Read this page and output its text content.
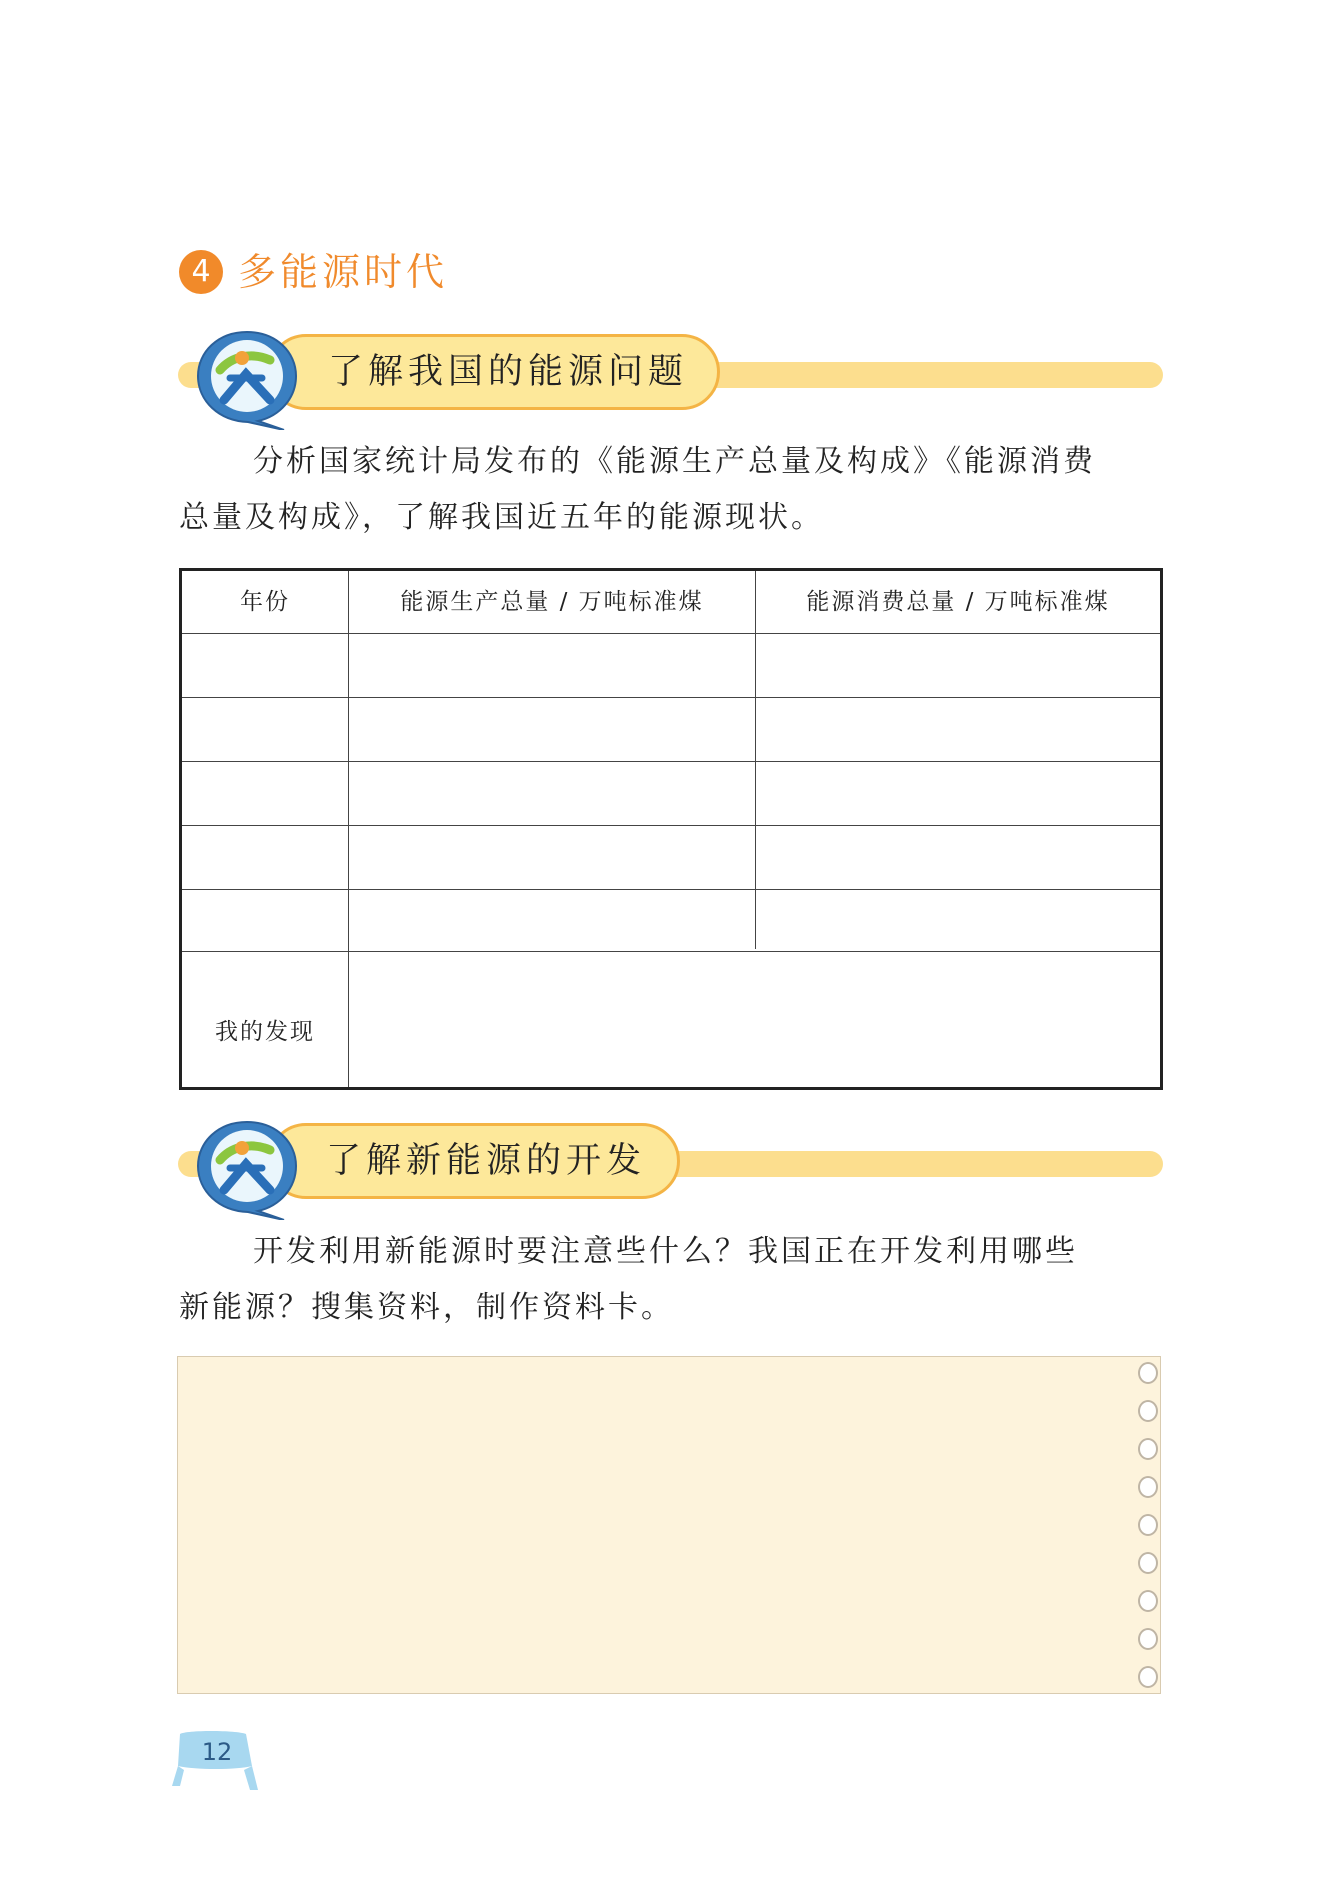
4 多能源时代
了解我国的能源问题
分析国家统计局发布的《能源生产总量及构成》《能源消费
总量及构成》，了解我国近五年的能源现状。
年份	能源生产总量 / 万吨标准煤	能源消费总量 / 万吨标准煤
我的发现
了解新能源的开发
开发利用新能源时要注意些什么？我国正在开发利用哪些
新能源？搜集资料，制作资料卡。
12
